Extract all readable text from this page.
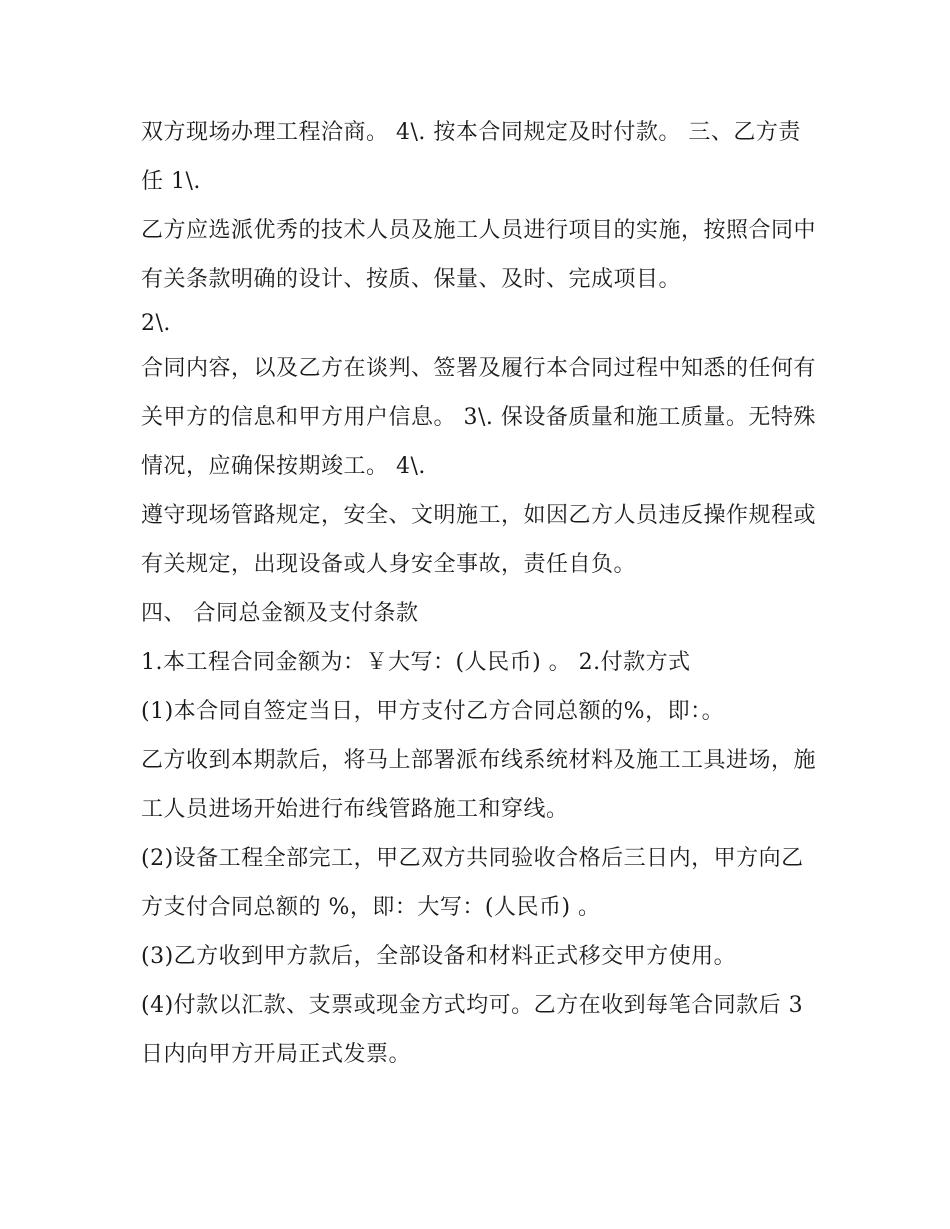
双方现场办理工程洽商。 4\. 按本合同规定及时付款。 三、乙方责任 1\.

乙方应选派优秀的技术人员及施工人员进行项目的实施，按照合同中有关条款明确的设计、按质、保量、及时、完成项目。

2\.

合同内容，以及乙方在谈判、签署及履行本合同过程中知悉的任何有关甲方的信息和甲方用户信息。 3\. 保设备质量和施工质量。无特殊情况，应确保按期竣工。 4\.

遵守现场管路规定，安全、文明施工，如因乙方人员违反操作规程或有关规定，出现设备或人身安全事故，责任自负。

四、 合同总金额及支付条款

1.本工程合同金额为：￥大写：(人民币) 。 2.付款方式

(1)本合同自签定当日，甲方支付乙方合同总额的%，即：。

乙方收到本期款后，将马上部署派布线系统材料及施工工具进场，施工人员进场开始进行布线管路施工和穿线。

(2)设备工程全部完工，甲乙双方共同验收合格后三日内，甲方向乙方支付合同总额的 %，即：大写：(人民币) 。

(3)乙方收到甲方款后，全部设备和材料正式移交甲方使用。

(4)付款以汇款、支票或现金方式均可。乙方在收到每笔合同款后 3 日内向甲方开局正式发票。
